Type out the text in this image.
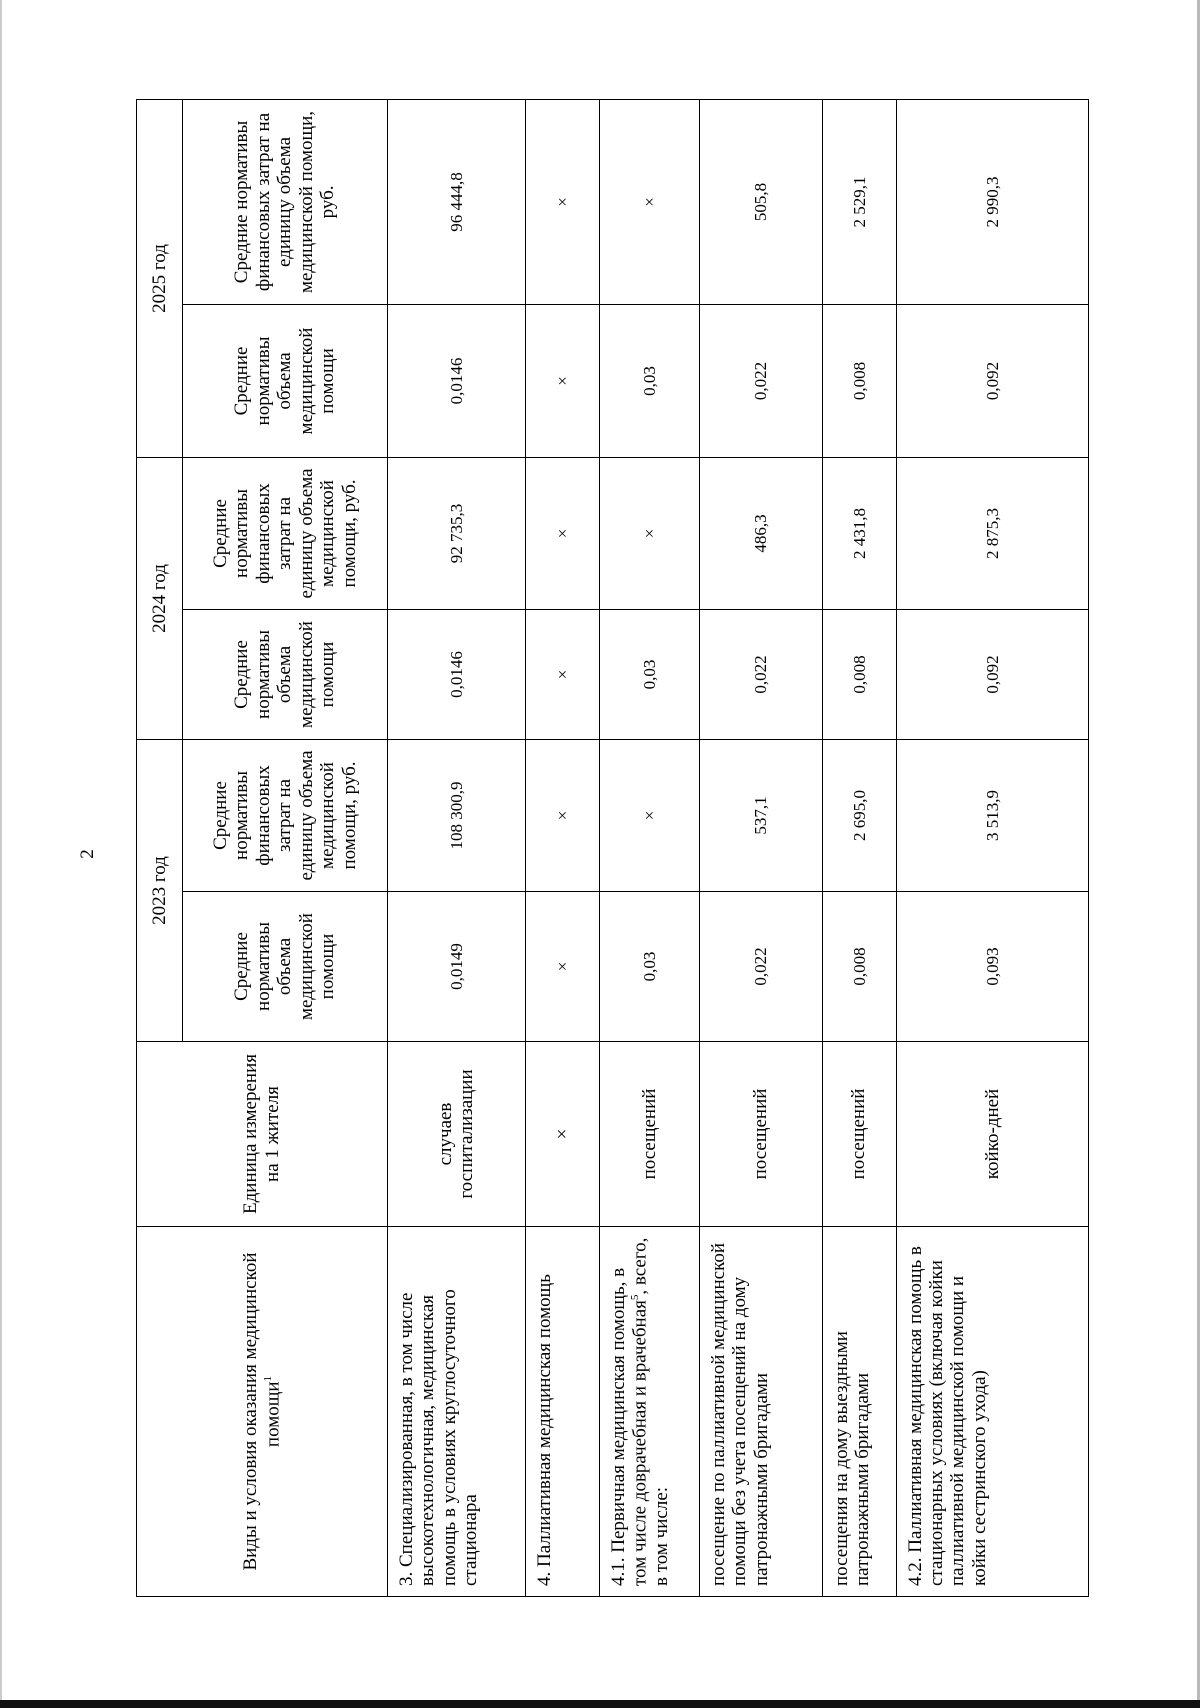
2
Виды и условия оказания медицинской помощи$^1$	Единица измерения на 1 жителя	2023 год		2024 год		2025 год	
		Средние нормативы объема медицинской помощи	Средние нормативы финансовых затрат на единицу объема медицинской помощи, руб.	Средние нормативы объема медицинской помощи	Средние нормативы финансовых затрат на единицу объема медицинской помощи, руб.	Средние нормативы объема медицинской помощи	Средние нормативы финансовых затрат на единицу объема медицинской помощи, руб.
3. Специализированная, в том числе высокотехнологичная, медицинская помощь в условиях круглосуточного стационара	случаев госпитализации	0,0149	108 300,9	0,0146	92 735,3	0,0146	96 444,8
4. Паллиативная медицинская помощь	×	×	×	×	×	×	×
4.1. Первичная медицинская помощь, в том числе доврачебная и врачебная$^5$, всего, в том числе:	посещений	0,03	×	0,03	×	0,03	×
посещение по паллиативной медицинской помощи без учета посещений на дому патронажными бригадами	посещений	0,022	537,1	0,022	486,3	0,022	505,8
посещения на дому выездными патронажными бригадами	посещений	0,008	2 695,0	0,008	2 431,8	0,008	2 529,1
4.2. Паллиативная медицинская помощь в стационарных условиях (включая койки паллиативной медицинской помощи и койки сестринского ухода)	койко-дней	0,093	3 513,9	0,092	2 875,3	0,092	2 990,3
